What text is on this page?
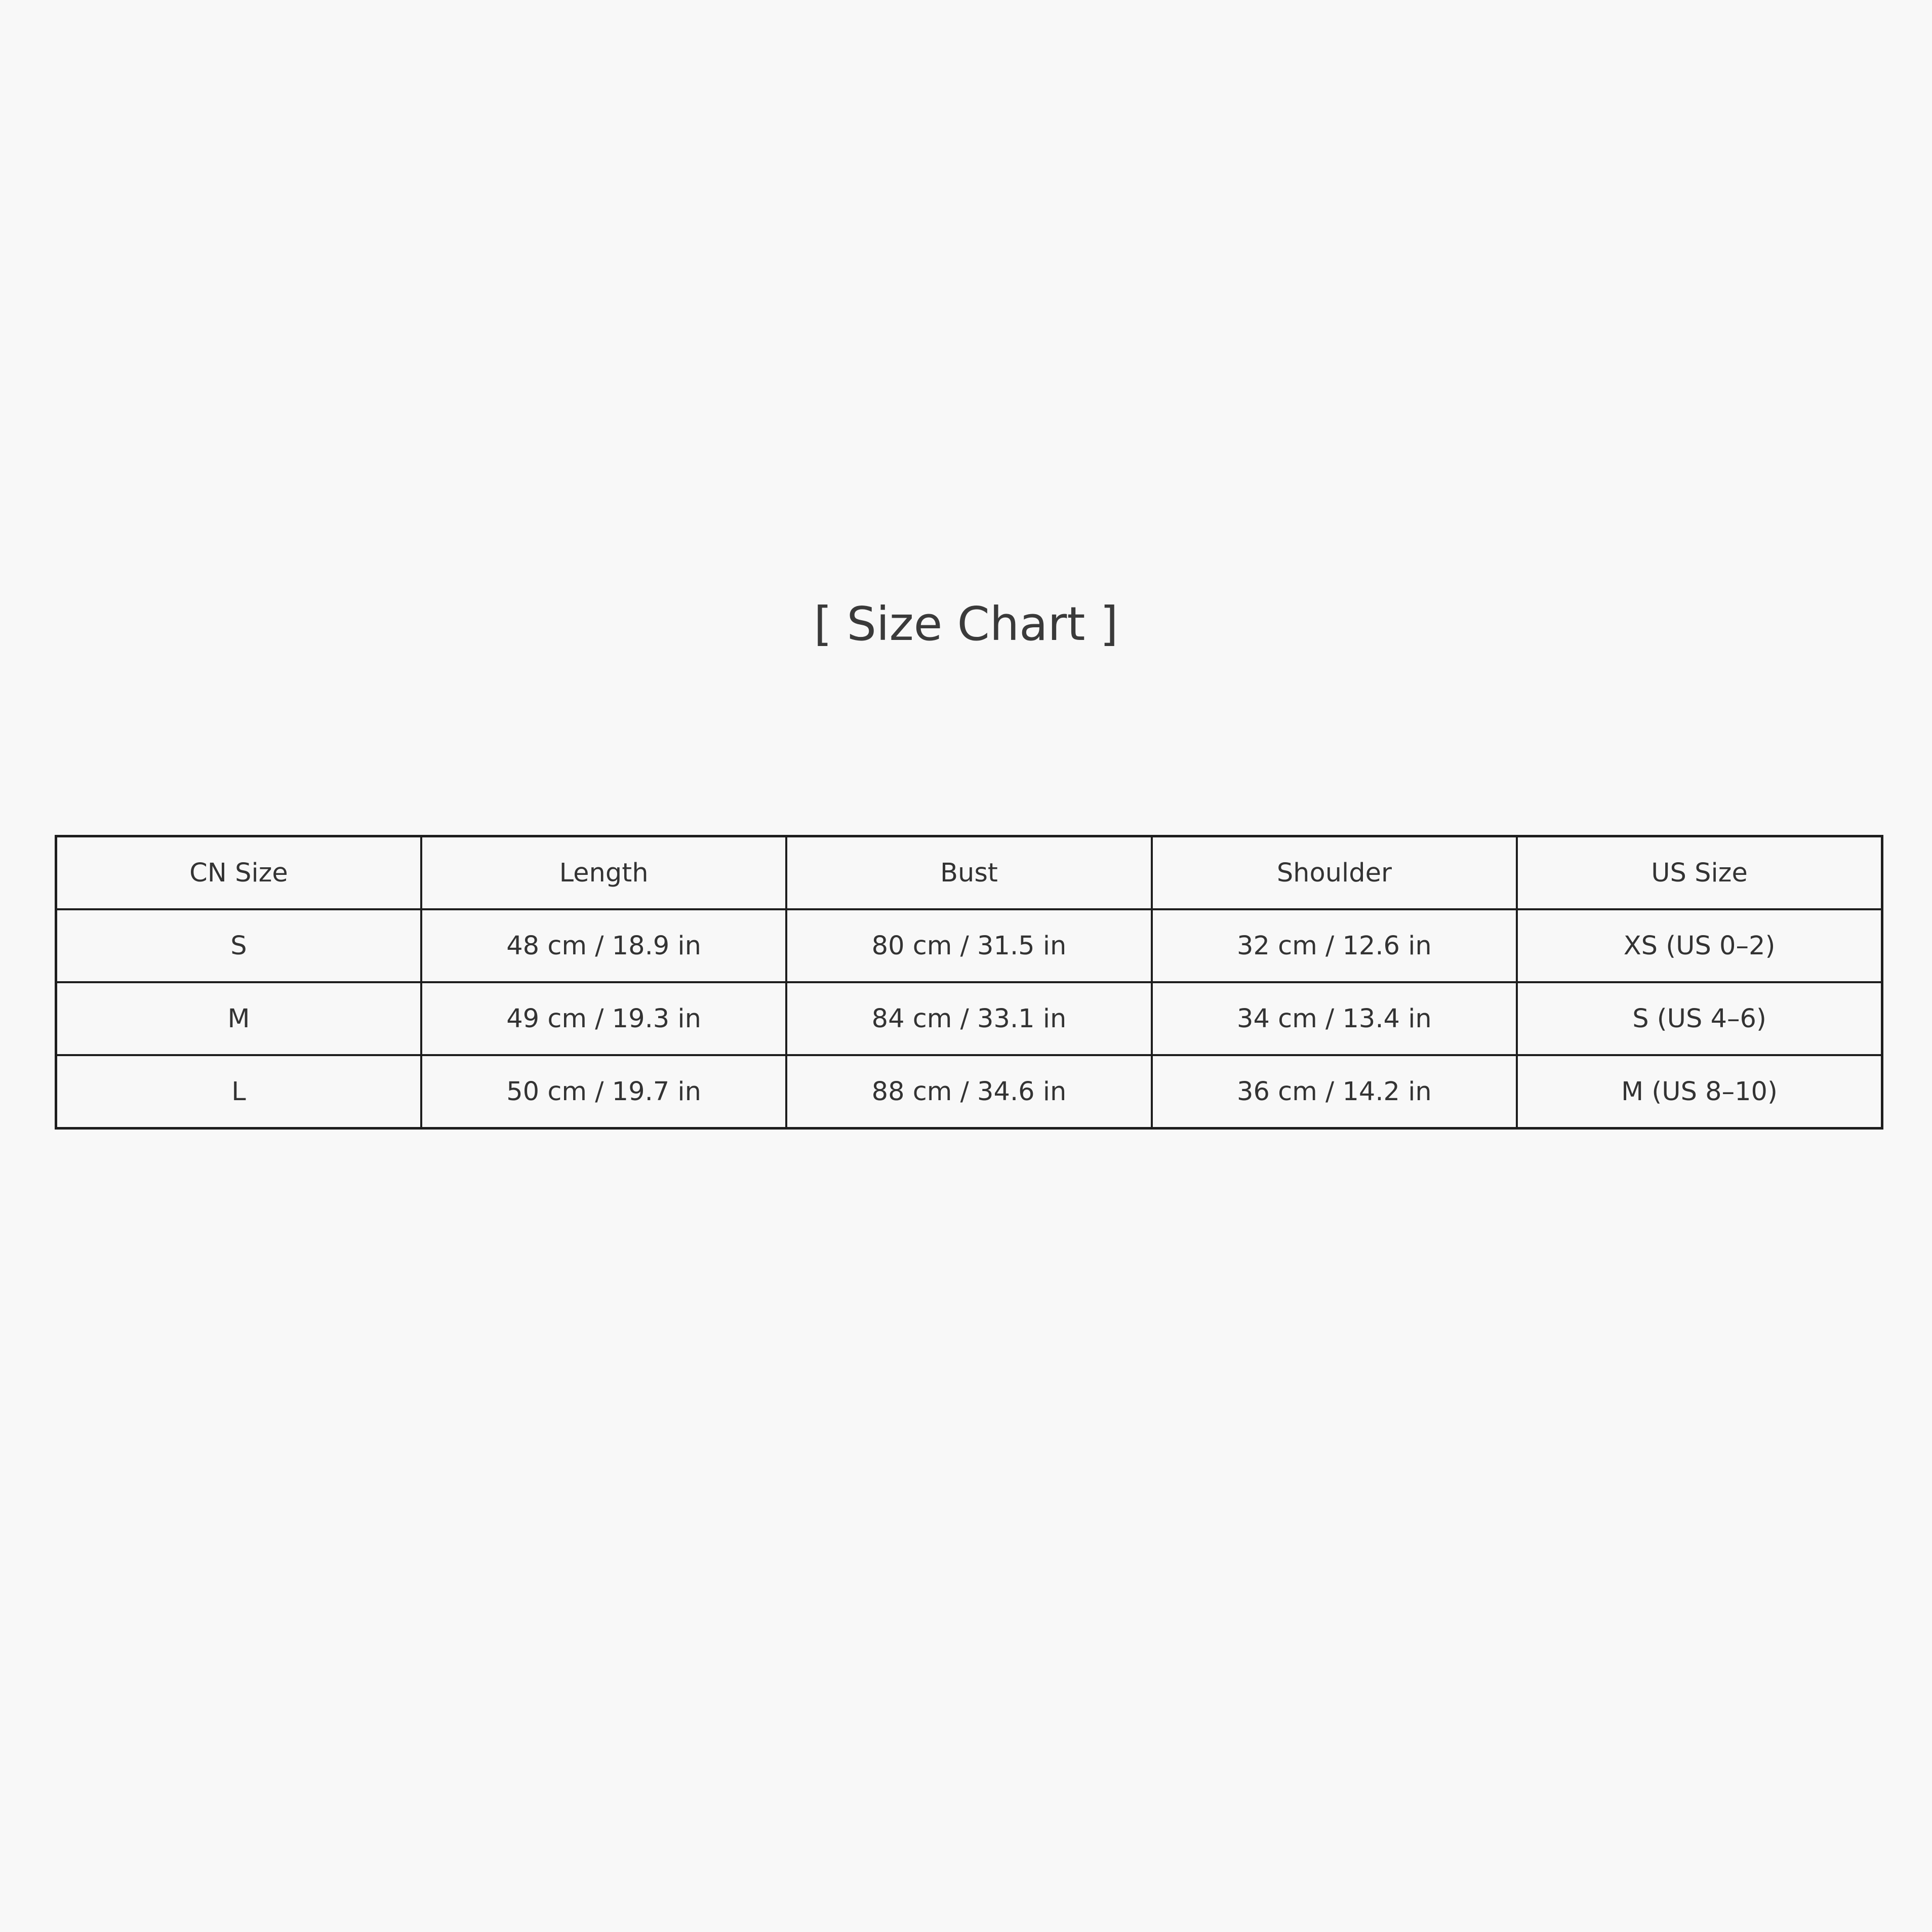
[ Size Chart ]
CN Size	Length	Bust	Shoulder	US Size
S	48 cm / 18.9 in	80 cm / 31.5 in	32 cm / 12.6 in	XS (US 0–2)
M	49 cm / 19.3 in	84 cm / 33.1 in	34 cm / 13.4 in	S (US 4–6)
L	50 cm / 19.7 in	88 cm / 34.6 in	36 cm / 14.2 in	M (US 8–10)
